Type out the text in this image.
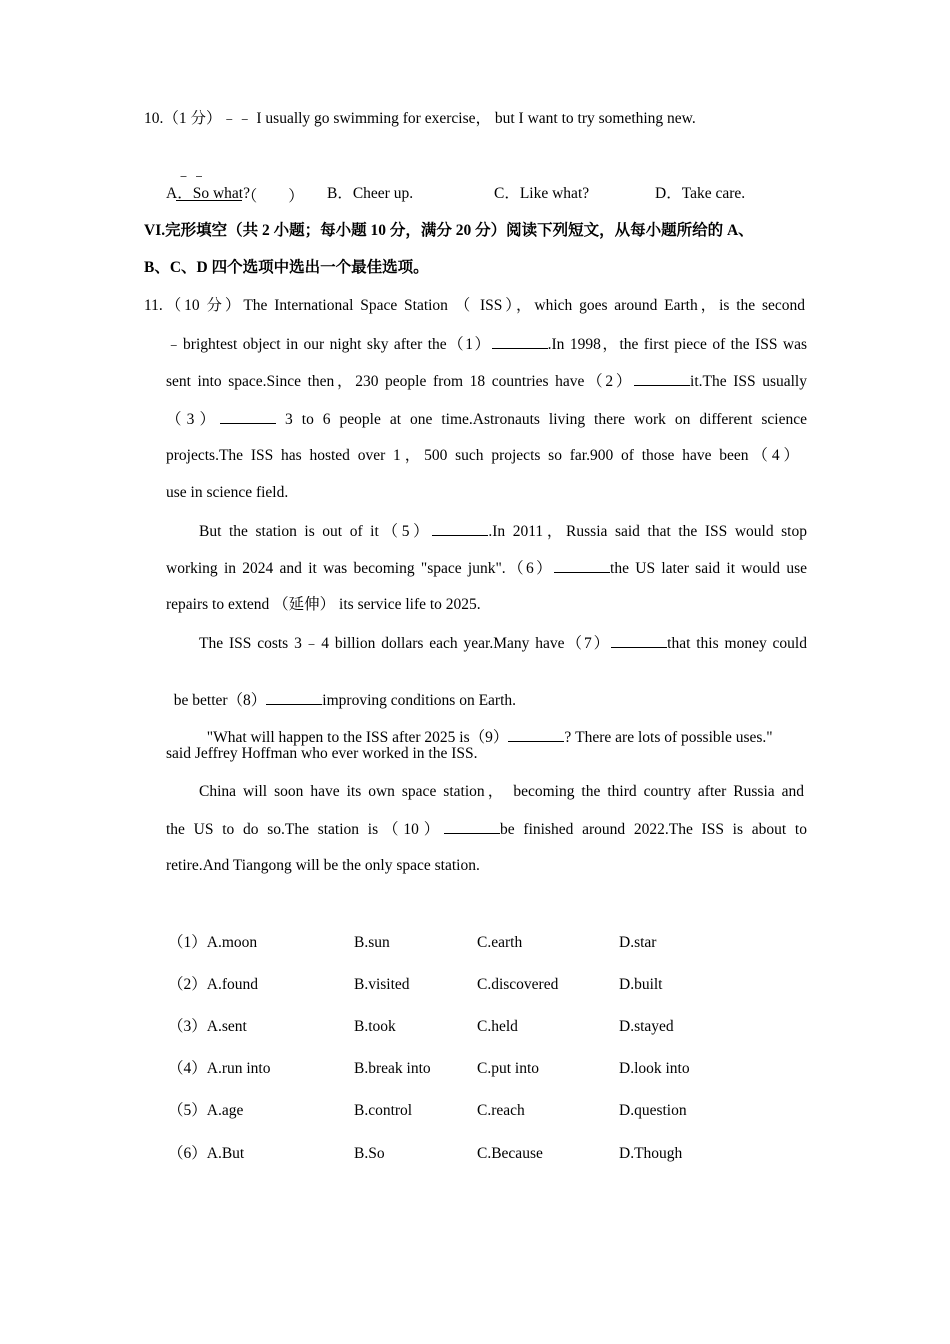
10.（1 分）﹣﹣ I usually go swimming for exercise， but I want to try something new.

﹣﹣
（　　）

A．So what?	B．Cheer up.	C．Like what?	D．Take care.
VI.完形填空（共 2 小题；每小题 10 分，满分 20 分）阅读下列短文，从每小题所给的 A、
B、C、D 四个选项中选出一个最佳选项。
11.（10 分）The International Space Station （ ISS），which goes around Earth，is the second
﹣brightest object in our night sky after the（1）	.In 1998，the first piece of the ISS was
sent into space.Since then，230 people from 18 countries have（2）	it.The ISS usually
（3）	3 to 6 people at one time.Astronauts living there work on different science
projects.The ISS has hosted over 1，500 such projects so far.900 of those have been（4）
use in science field.
But the station is out of it（5）	.In 2011，Russia said that the ISS would stop
working in 2024 and it was becoming "space junk".（6）	the US later said it would use
repairs to extend （延伸） its service life to 2025.
The ISS costs 3﹣4 billion dollars each year.Many have（7）	that this money could

be better（8）	improving conditions on Earth.

"What will happen to the ISS after 2025 is（9）	? There are lots of possible uses."

said Jeffrey Hoffman who ever worked in the ISS.
China will soon have its own space station， becoming the third country after Russia and
the US to do so.The station is（10）	be finished around 2022.The ISS is about to
retire.And Tiangong will be the only space station.
（1）A.moon	B.sun	C.earth	D.star
（2）A.found	B.visited	C.discovered	D.built
（3）A.sent	B.took	C.held	D.stayed
（4）A.run into	B.break into	C.put into	D.look into
（5）A.age	B.control	C.reach	D.question
（6）A.But	B.So	C.Because	D.Though
